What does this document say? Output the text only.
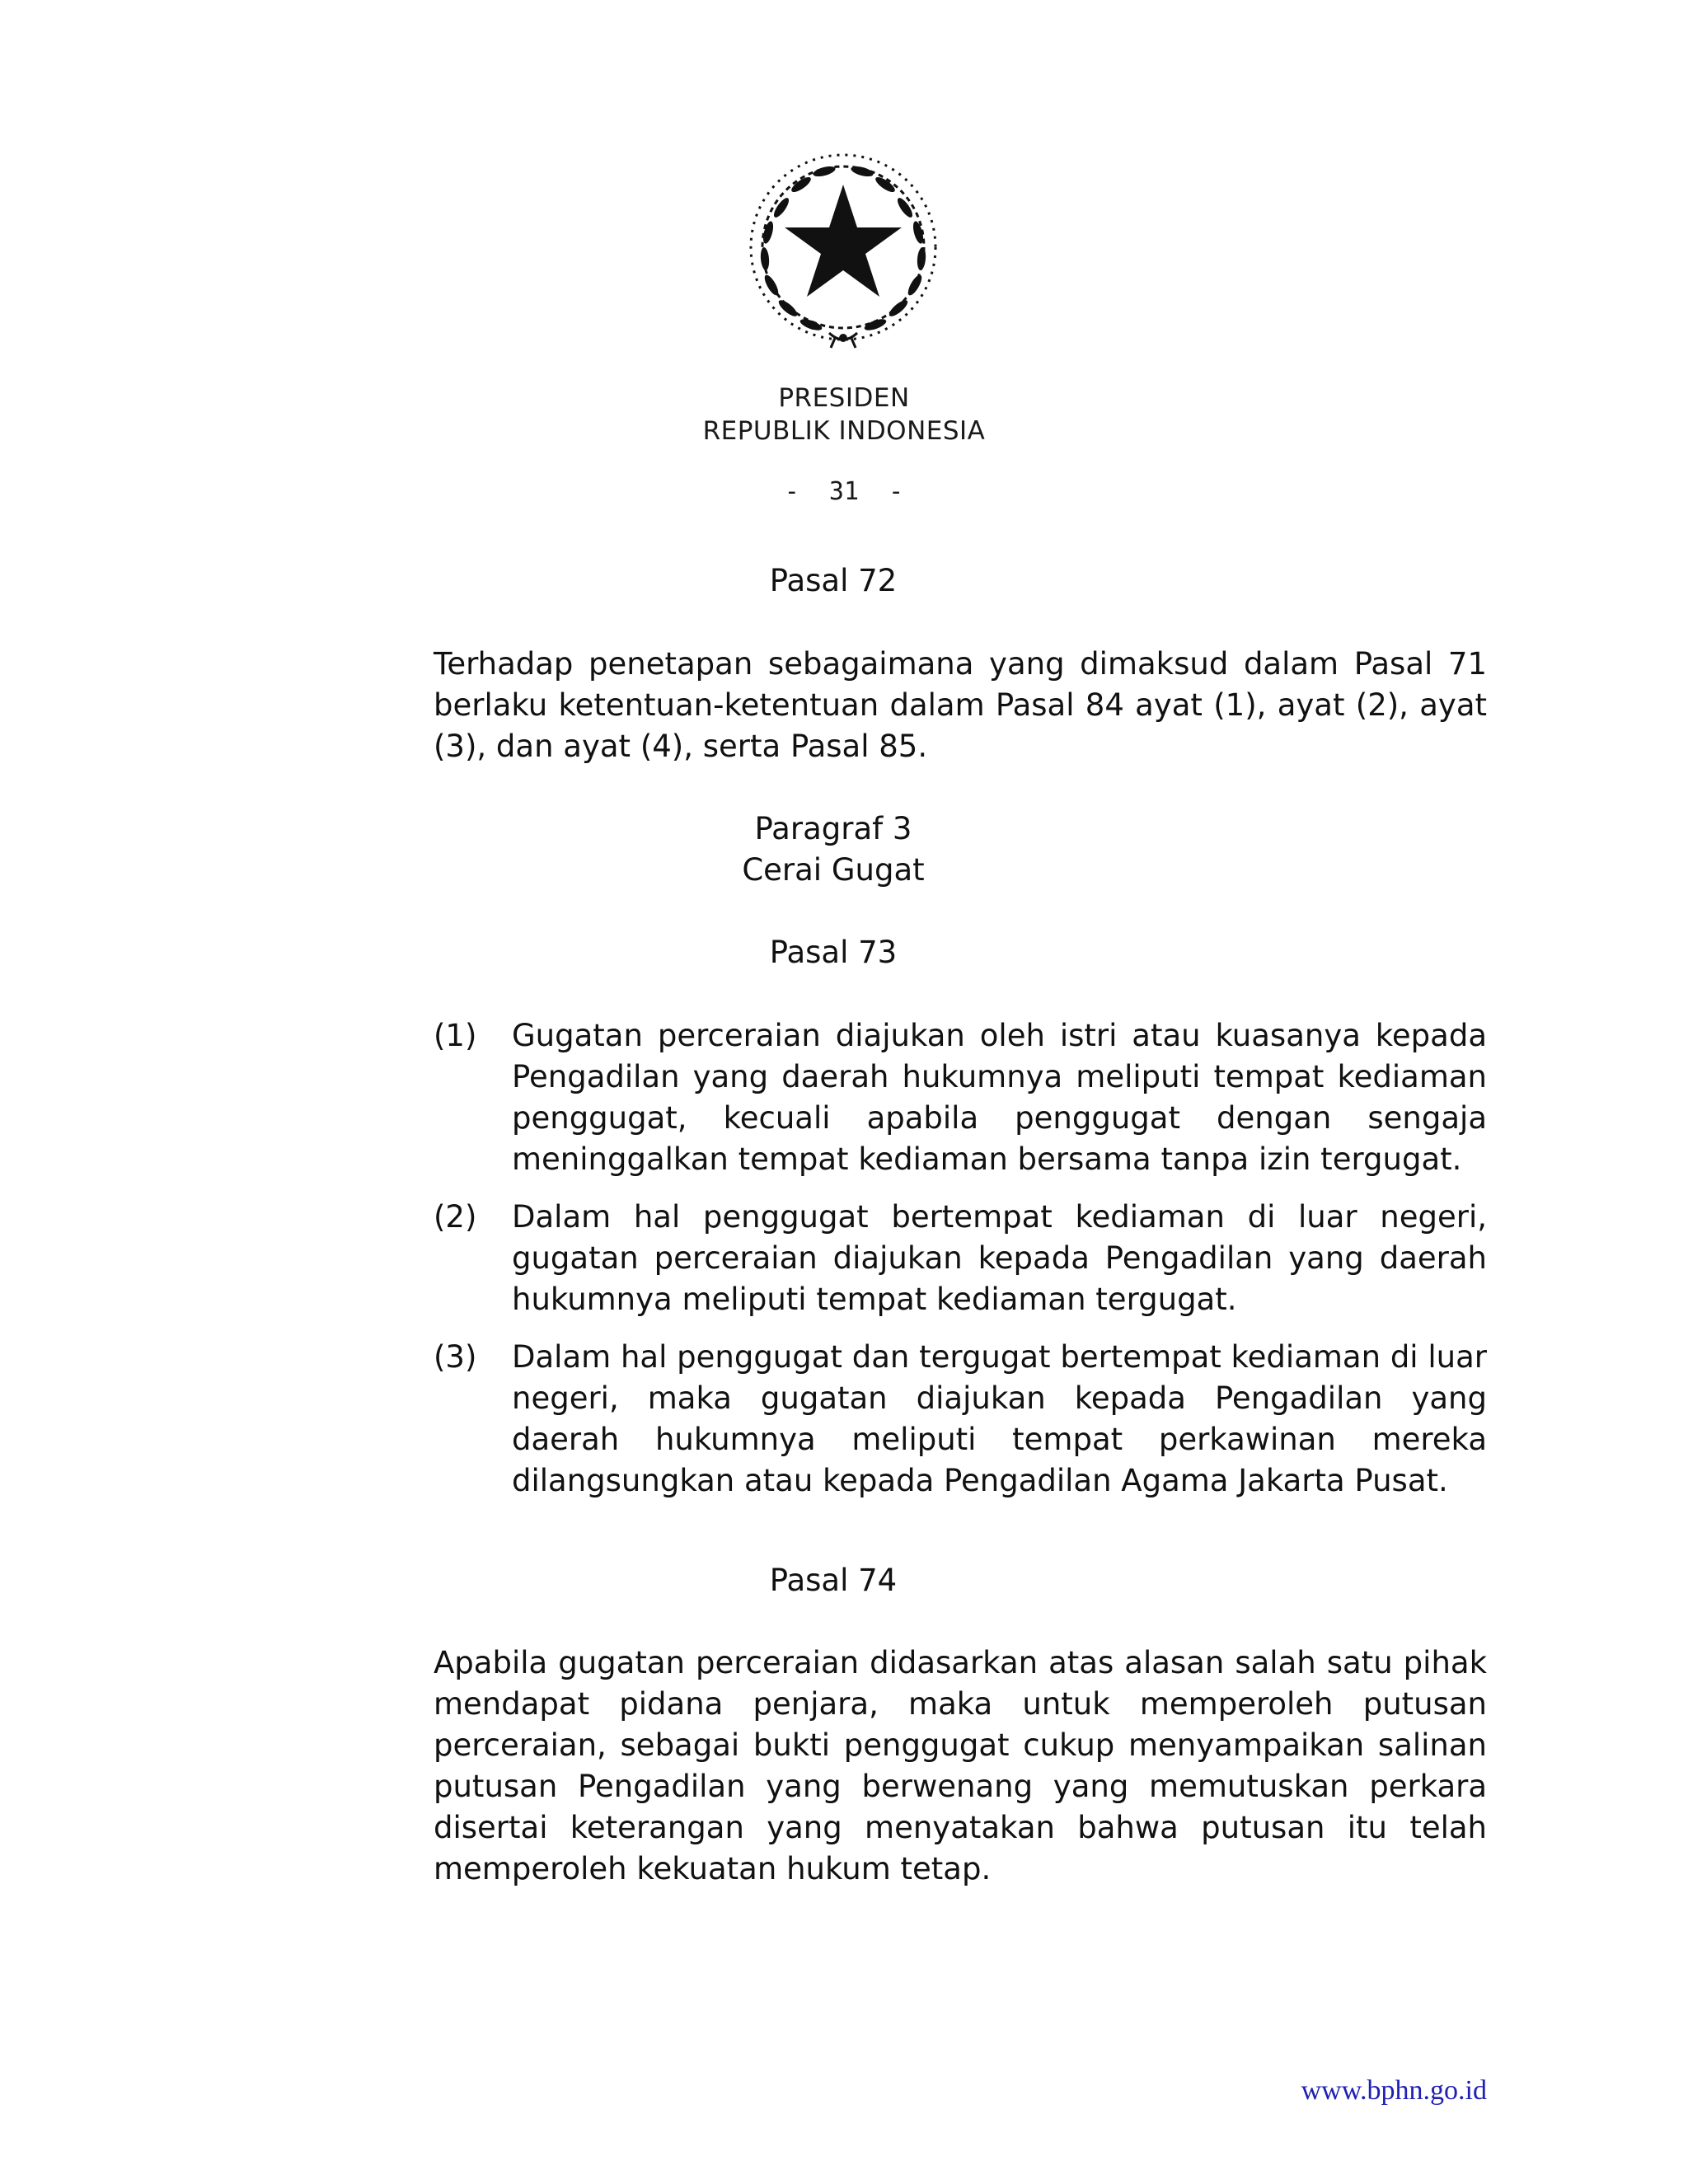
PRESIDEN
REPUBLIK INDONESIA
-  31  -
Pasal 72
Terhadap penetapan sebagaimana yang dimaksud dalam Pasal 71 berlaku ketentuan-ketentuan dalam Pasal 84 ayat (1), ayat (2), ayat (3), dan ayat (4), serta Pasal 85.
Paragraf 3
Cerai Gugat
Pasal 73
(1) Gugatan perceraian diajukan oleh istri atau kuasanya kepada Pengadilan yang daerah hukumnya meliputi tempat kediaman penggugat, kecuali apabila penggugat dengan sengaja meninggalkan tempat kediaman bersama tanpa izin tergugat.
(2) Dalam hal penggugat bertempat kediaman di luar negeri, gugatan perceraian diajukan kepada Pengadilan yang daerah hukumnya meliputi tempat kediaman tergugat.
(3) Dalam hal penggugat dan tergugat bertempat kediaman di luar negeri, maka gugatan diajukan kepada Pengadilan yang daerah hukumnya meliputi tempat perkawinan mereka dilangsungkan atau kepada Pengadilan Agama Jakarta Pusat.
Pasal 74
Apabila gugatan perceraian didasarkan atas alasan salah satu pihak mendapat pidana penjara, maka untuk memperoleh putusan perceraian, sebagai bukti penggugat cukup menyampaikan salinan putusan Pengadilan yang berwenang yang memutuskan perkara disertai keterangan yang menyatakan bahwa putusan itu telah memperoleh kekuatan hukum tetap.
www.bphn.go.id
